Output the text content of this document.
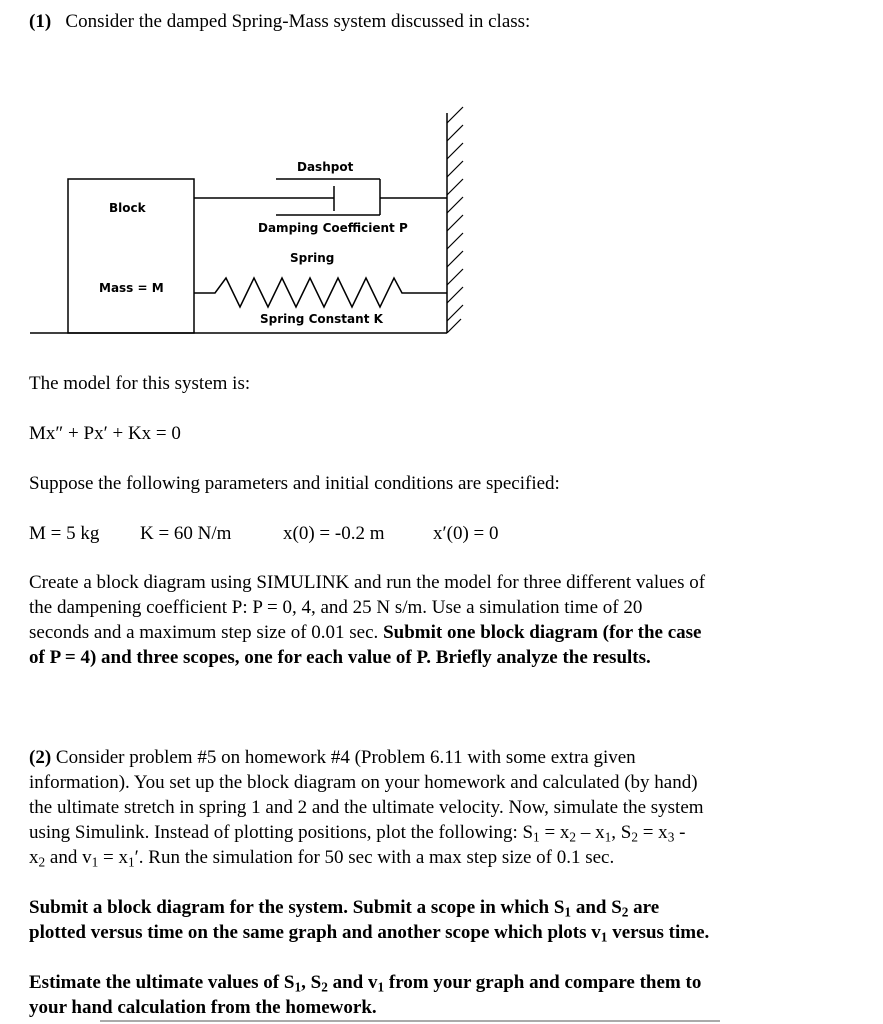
(1) Consider the damped Spring-Mass system discussed in class:
Block
Mass = M
Dashpot
Damping Coefficient P
Spring
Spring Constant K
The model for this system is:
Mx″ + Px′ + Kx = 0
Suppose the following parameters and initial conditions are specified:
M = 5 kg K = 60 N/m	x(0) = -0.2 m	x′(0) = 0
Create a block diagram using SIMULINK and run the model for three different values of
the dampening coefficient P: P = 0, 4, and 25 N s/m. Use a simulation time of 20
seconds and a maximum step size of 0.01 sec. Submit one block diagram (for the case
of P = 4) and three scopes, one for each value of P. Briefly analyze the results.
(2) Consider problem #5 on homework #4 (Problem 6.11 with some extra given
information). You set up the block diagram on your homework and calculated (by hand)
the ultimate stretch in spring 1 and 2 and the ultimate velocity. Now, simulate the system
using Simulink. Instead of plotting positions, plot the following: $S_1 = x_2 - x_1$, $S_2 = x_3$ -
$x_2$ and $v_1 = x_1'$. Run the simulation for 50 sec with a max step size of 0.1 sec.
Submit a block diagram for the system. Submit a scope in which $S_1$ and $S_2$ are
plotted versus time on the same graph and another scope which plots $v_1$ versus time.
Estimate the ultimate values of $S_1$, $S_2$ and $v_1$ from your graph and compare them to
your hand calculation from the homework.
